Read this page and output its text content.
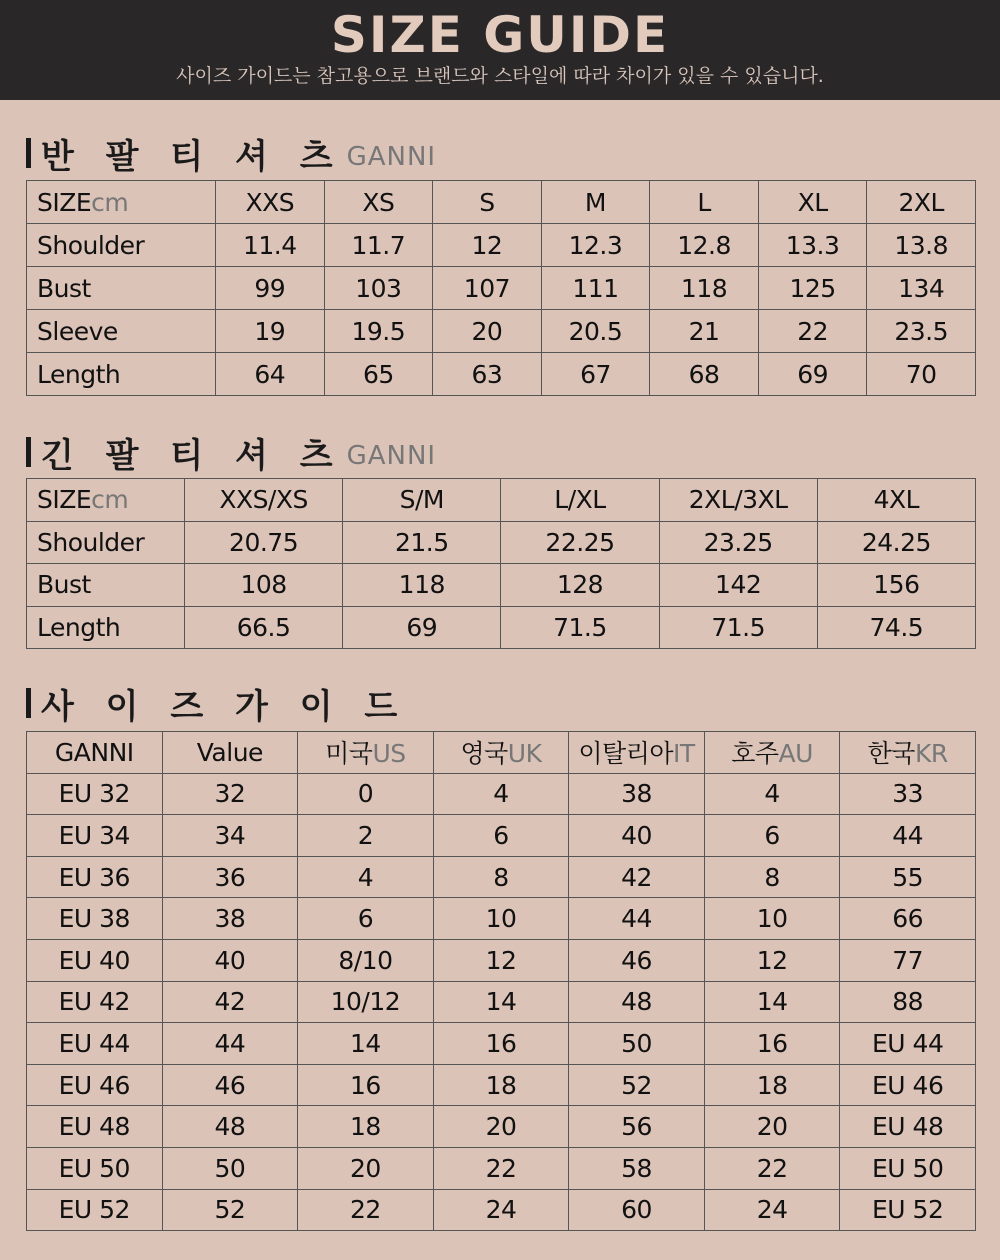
SIZE GUIDE
사이즈 가이드는 참고용으로 브랜드와 스타일에 따라 차이가 있을 수 있습니다.
반 팔 티 셔 츠 GANNI
SIZEcm	XXS	XS	S	M	L	XL	2XL
Shoulder	11.4	11.7	12	12.3	12.8	13.3	13.8
Bust	99	103	107	111	118	125	134
Sleeve	19	19.5	20	20.5	21	22	23.5
Length	64	65	63	67	68	69	70
긴 팔 티 셔 츠 GANNI
SIZEcm	XXS/XS	S/M	L/XL	2XL/3XL	4XL
Shoulder	20.75	21.5	22.25	23.25	24.25
Bust	108	118	128	142	156
Length	66.5	69	71.5	71.5	74.5
사 이 즈 가 이 드
GANNI	Value	미국US	영국UK	이탈리아IT	호주AU	한국KR
EU 32	32	0	4	38	4	33
EU 34	34	2	6	40	6	44
EU 36	36	4	8	42	8	55
EU 38	38	6	10	44	10	66
EU 40	40	8/10	12	46	12	77
EU 42	42	10/12	14	48	14	88
EU 44	44	14	16	50	16	EU 44
EU 46	46	16	18	52	18	EU 46
EU 48	48	18	20	56	20	EU 48
EU 50	50	20	22	58	22	EU 50
EU 52	52	22	24	60	24	EU 52
